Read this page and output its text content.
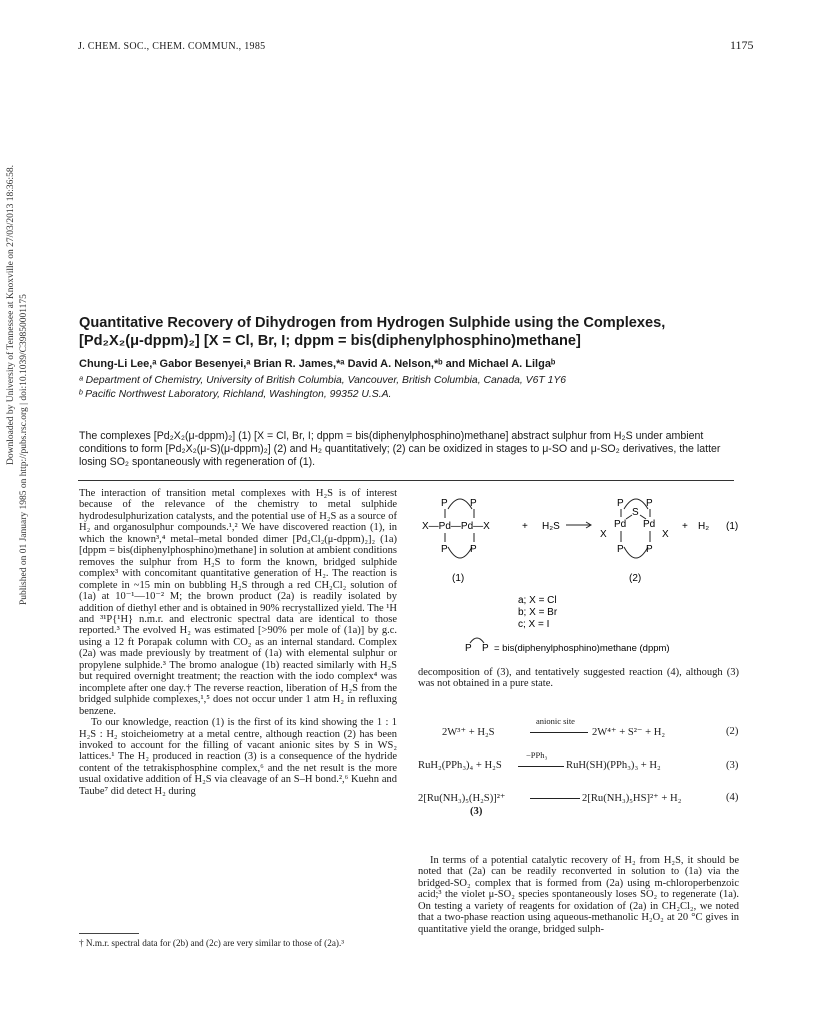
J. CHEM. SOC., CHEM. COMMUN., 1985	1175
Downloaded by University of Tennessee at Knoxville on 27/03/2013 18:36:58. Published on 01 January 1985 on http://pubs.rsc.org | doi:10.1039/C39850001175	Quantitative Recovery of Dihydrogen from Hydrogen Sulphide using the Complexes,
[Pd₂X₂(μ-dppm)₂] [X = Cl, Br, I; dppm = bis(diphenylphosphino)methane]
Chung-Li Lee,ᵃ Gabor Besenyei,ᵃ Brian R. James,*ᵃ David A. Nelson,*ᵇ and Michael A. Lilgaᵇ
ᵃ Department of Chemistry, University of British Columbia, Vancouver, British Columbia, Canada, V6T 1Y6
ᵇ Pacific Northwest Laboratory, Richland, Washington, 99352 U.S.A.
The complexes [Pd₂X₂(μ-dppm)₂] (1) [X = Cl, Br, I; dppm = bis(diphenylphosphino)methane] abstract sulphur from H₂S under ambient conditions to form [Pd₂X₂(μ-S)(μ-dppm)₂] (2) and H₂ quantitatively; (2) can be oxidized in stages to μ-SO and μ-SO₂ derivatives, the latter losing SO₂ spontaneously with regeneration of (1).

The interaction of transition metal complexes with H₂S is of interest because of the relevance of the chemistry to metal sulphide hydrodesulphurization catalysts, and the potential use of H₂S as a source of H₂ and organosulphur compounds.¹,² We have discovered reaction (1), in which the known³,⁴ metal–metal bonded dimer [Pd₂Cl₂(μ-dppm)₂]₂ (1a) [dppm = bis(diphenylphosphino)methane] in solution at ambient conditions removes the sulphur from H₂S to form the known, bridged sulphide complex³ with concomitant quantitative generation of H₂. The reaction is complete in ~15 min on bubbling H₂S through a red CH₂Cl₂ solution of (1a) at 10⁻¹—10⁻² M; the brown product (2a) is readily isolated by addition of diethyl ether and is obtained in 90% recrystallized yield. The ¹H and ³¹P{¹H} n.m.r. and electronic spectral data are identical to those reported.³ The evolved H₂ was estimated [>90% per mole of (1a)] by g.c. using a 12 ft Porapak column with CO₂ as an internal standard. Complex (2a) was made previously by treatment of (1a) with elemental sulphur or propylene sulphide.³ The bromo analogue (1b) reacted similarly with H₂S but required overnight treatment; the reaction with the iodo complex⁴ was incomplete after one day.† The reverse reaction, liberation of H₂S from the bridged sulphide complexes,¹,⁵ does not occur under 1 atm H₂ in refluxing benzene.

To our knowledge, reaction (1) is the first of its kind showing the 1 : 1 H₂S : H₂ stoicheiometry at a metal centre, although reaction (2) has been invoked to account for the filling of vacant anionic sites by S in WS₂ lattices.¹ The H₂ produced in reaction (3) is a consequence of the hydride content of the tetrakisphosphine complex,⁶ and the net result is the more usual oxidative addition of H₂S via cleavage of an S–H bond.²,⁶ Kuehn and Taube⁷ did detect H₂ during

† N.m.r. spectral data for (2b) and (2c) are very similar to those of (2a).³
P P
X—Pd—Pd—X
P P
(1)
+ H₂S
P P
S
Pd Pd
X	X
P P
(2)
+ H₂ (1)
a; X = Cl
b; X = Br
c; X = I
P P = bis(diphenylphosphino)methane (dppm)
decomposition of (3), and tentatively suggested reaction (4), although (3) was not obtained in a pure state.
2W³⁺ + H₂S
anionic site
2W⁴⁺ + S²⁻ + H₂	(2)
RuH₂(PPh₃)₄ + H₂S
−PPh₃
RuH(SH)(PPh₃)₃ + H₂	(3)
2[Ru(NH₃)₅(H₂S)]²⁺	2[Ru(NH₃)₅HS]²⁺ + H₂	(4)
(3)
In terms of a potential catalytic recovery of H₂ from H₂S, it should be noted that (2a) can be readily reconverted in solution to (1a) via the bridged-SO₂ complex that is formed from (2a) using m-chloroperbenzoic acid;³ the violet μ-SO₂ species spontaneously loses SO₂ to regenerate (1a). On testing a variety of reagents for oxidation of (2a) in CH₂Cl₂, we noted that a two-phase reaction using aqueous-methanolic H₂O₂ at 20 °C gives in quantitative yield the orange, bridged sulph-
